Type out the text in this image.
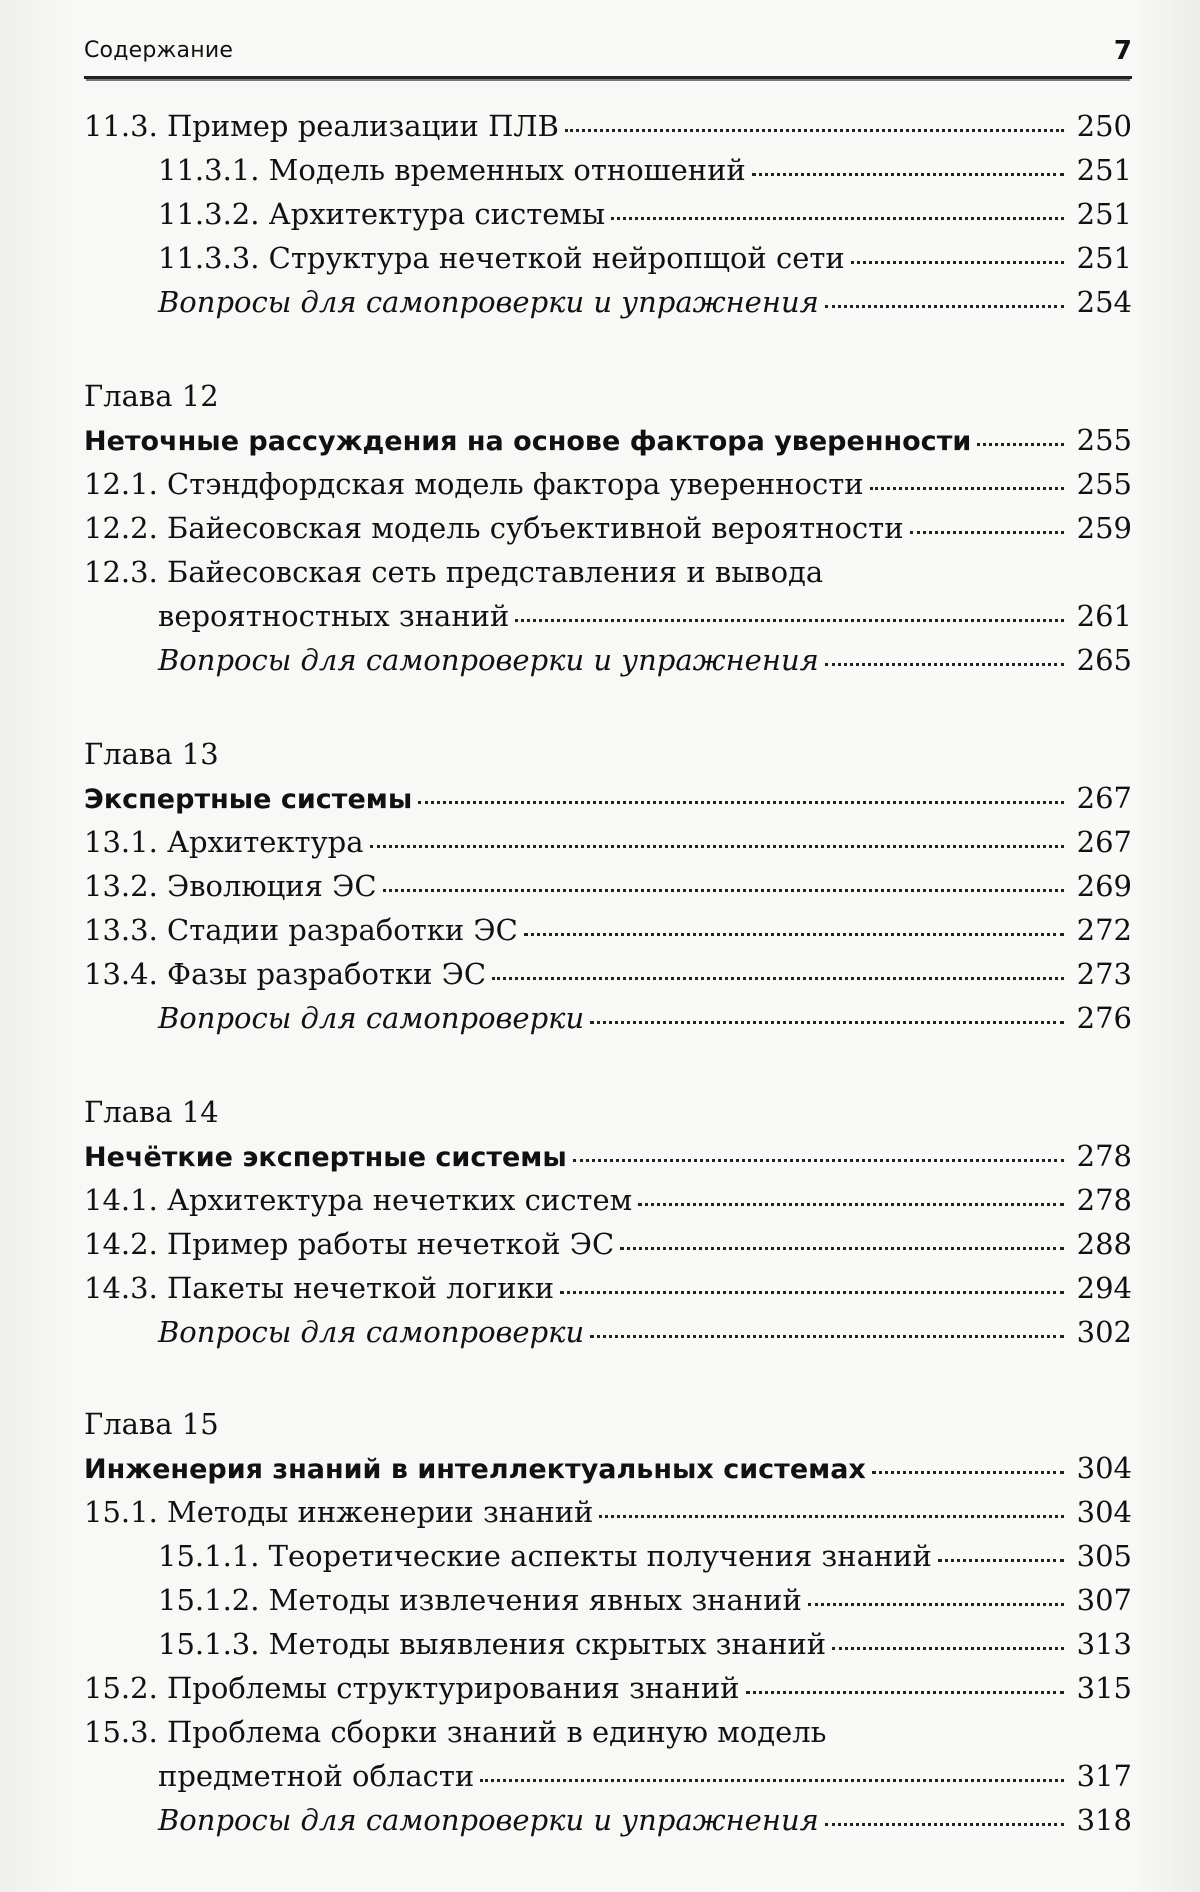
Содержание	7
11.3. Пример реализации ПЛВ	250
11.3.1. Модель временных отношений	251
11.3.2. Архитектура системы	251
11.3.3. Структура нечеткой нейропщой сети	251
Вопросы для самопроверки и упражнения	254
Глава 12
Неточные рассуждения на основе фактора уверенности	255
12.1. Стэндфордская модель фактора уверенности	255
12.2. Байесовская модель субъективной вероятности	259
12.3. Байесовская сеть представления и вывода
вероятностных знаний	261
Вопросы для самопроверки и упражнения	265
Глава 13
Экспертные системы	267
13.1. Архитектура	267
13.2. Эволюция ЭС	269
13.3. Стадии разработки ЭС	272
13.4. Фазы разработки ЭС	273
Вопросы для самопроверки	276
Глава 14
Нечёткие экспертные системы	278
14.1. Архитектура нечетких систем	278
14.2. Пример работы нечеткой ЭС	288
14.3. Пакеты нечеткой логики	294
Вопросы для самопроверки	302
Глава 15
Инженерия знаний в интеллектуальных системах	304
15.1. Методы инженерии знаний	304
15.1.1. Теоретические аспекты получения знаний	305
15.1.2. Методы извлечения явных знаний	307
15.1.3. Методы выявления скрытых знаний	313
15.2. Проблемы структурирования знаний	315
15.3. Проблема сборки знаний в единую модель
предметной области	317
Вопросы для самопроверки и упражнения	318
